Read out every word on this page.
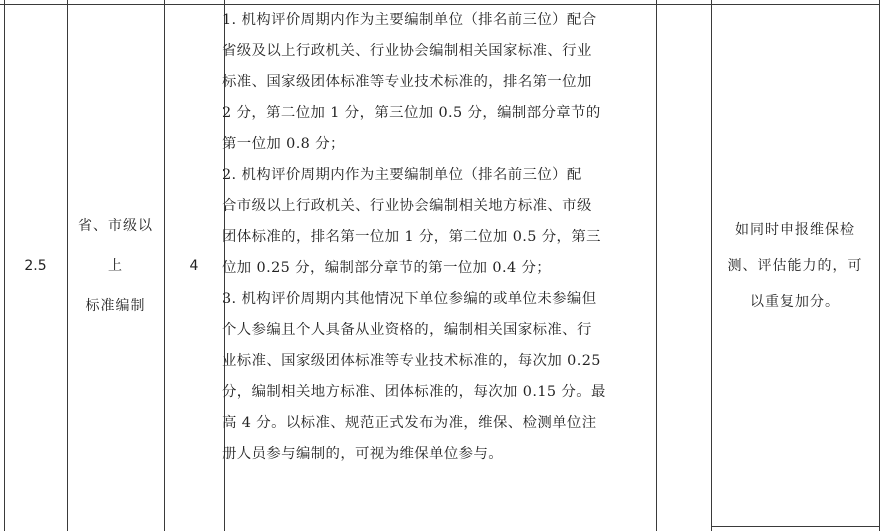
2.5
省、市级以
上
标准编制
4

1. 机构评价周期内作为主要编制单位（排名前三位）配合
省级及以上行政机关、行业协会编制相关国家标准、行业
标准、国家级团体标准等专业技术标准的，排名第一位加
2 分，第二位加 1 分，第三位加 0.5 分，编制部分章节的
第一位加 0.8 分；

2. 机构评价周期内作为主要编制单位（排名前三位）配
合市级以上行政机关、行业协会编制相关地方标准、市级
团体标准的，排名第一位加 1 分，第二位加 0.5 分，第三
位加 0.25 分，编制部分章节的第一位加 0.4 分；

3. 机构评价周期内其他情况下单位参编的或单位未参编但
个人参编且个人具备从业资格的，编制相关国家标准、行
业标准、国家级团体标准等专业技术标准的，每次加 0.25
分，编制相关地方标准、团体标准的，每次加 0.15 分。最
高 4 分。以标准、规范正式发布为准，维保、检测单位注
册人员参与编制的，可视为维保单位参与。

如同时申报维保检
测、评估能力的，可
以重复加分。
